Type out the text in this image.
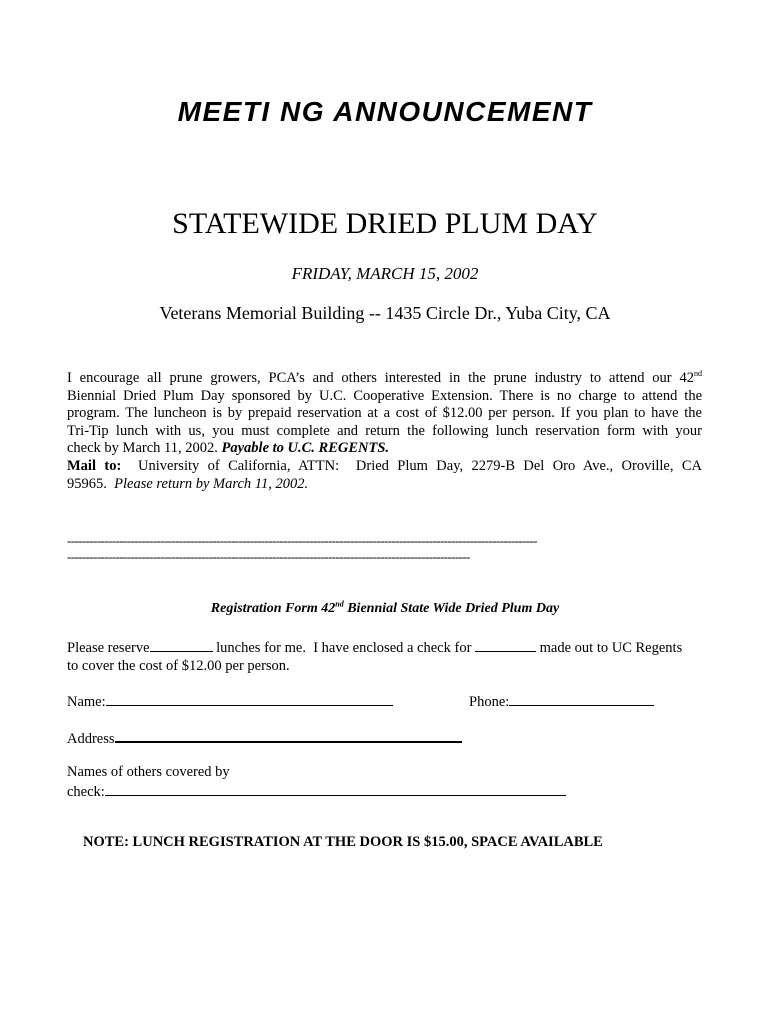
MEETI NG ANNOUNCEMENT
STATEWIDE DRIED PLUM DAY
FRIDAY, MARCH 15, 2002
Veterans Memorial Building -- 1435 Circle Dr., Yuba City, CA
I encourage all prune growers, PCA’s and others interested in the prune industry to attend our 42nd
Biennial Dried Plum Day sponsored by U.C. Cooperative Extension. There is no charge to attend the
program. The luncheon is by prepaid reservation at a cost of $12.00 per person. If you plan to have the
Tri-Tip lunch with us, you must complete and return the following lunch reservation form with your
check by March 11, 2002. Payable to U.C. REGENTS.
Mail to:  University of California, ATTN:  Dried Plum Day, 2279-B Del Oro Ave., Oroville, CA
95965.  Please return by March 11, 2002.
------------------------------------------------------------------------------------------------------------------------------
------------------------------------------------------------------------------------------------------------
Registration Form 42nd Biennial State Wide Dried Plum Day
Please reserve	lunches for me.  I have enclosed a check for	made out to UC Regents
to cover the cost of $12.00 per person.
Name:	Phone:
Address
Names of others covered by
check:
NOTE: LUNCH REGISTRATION AT THE DOOR IS $15.00, SPACE AVAILABLE
